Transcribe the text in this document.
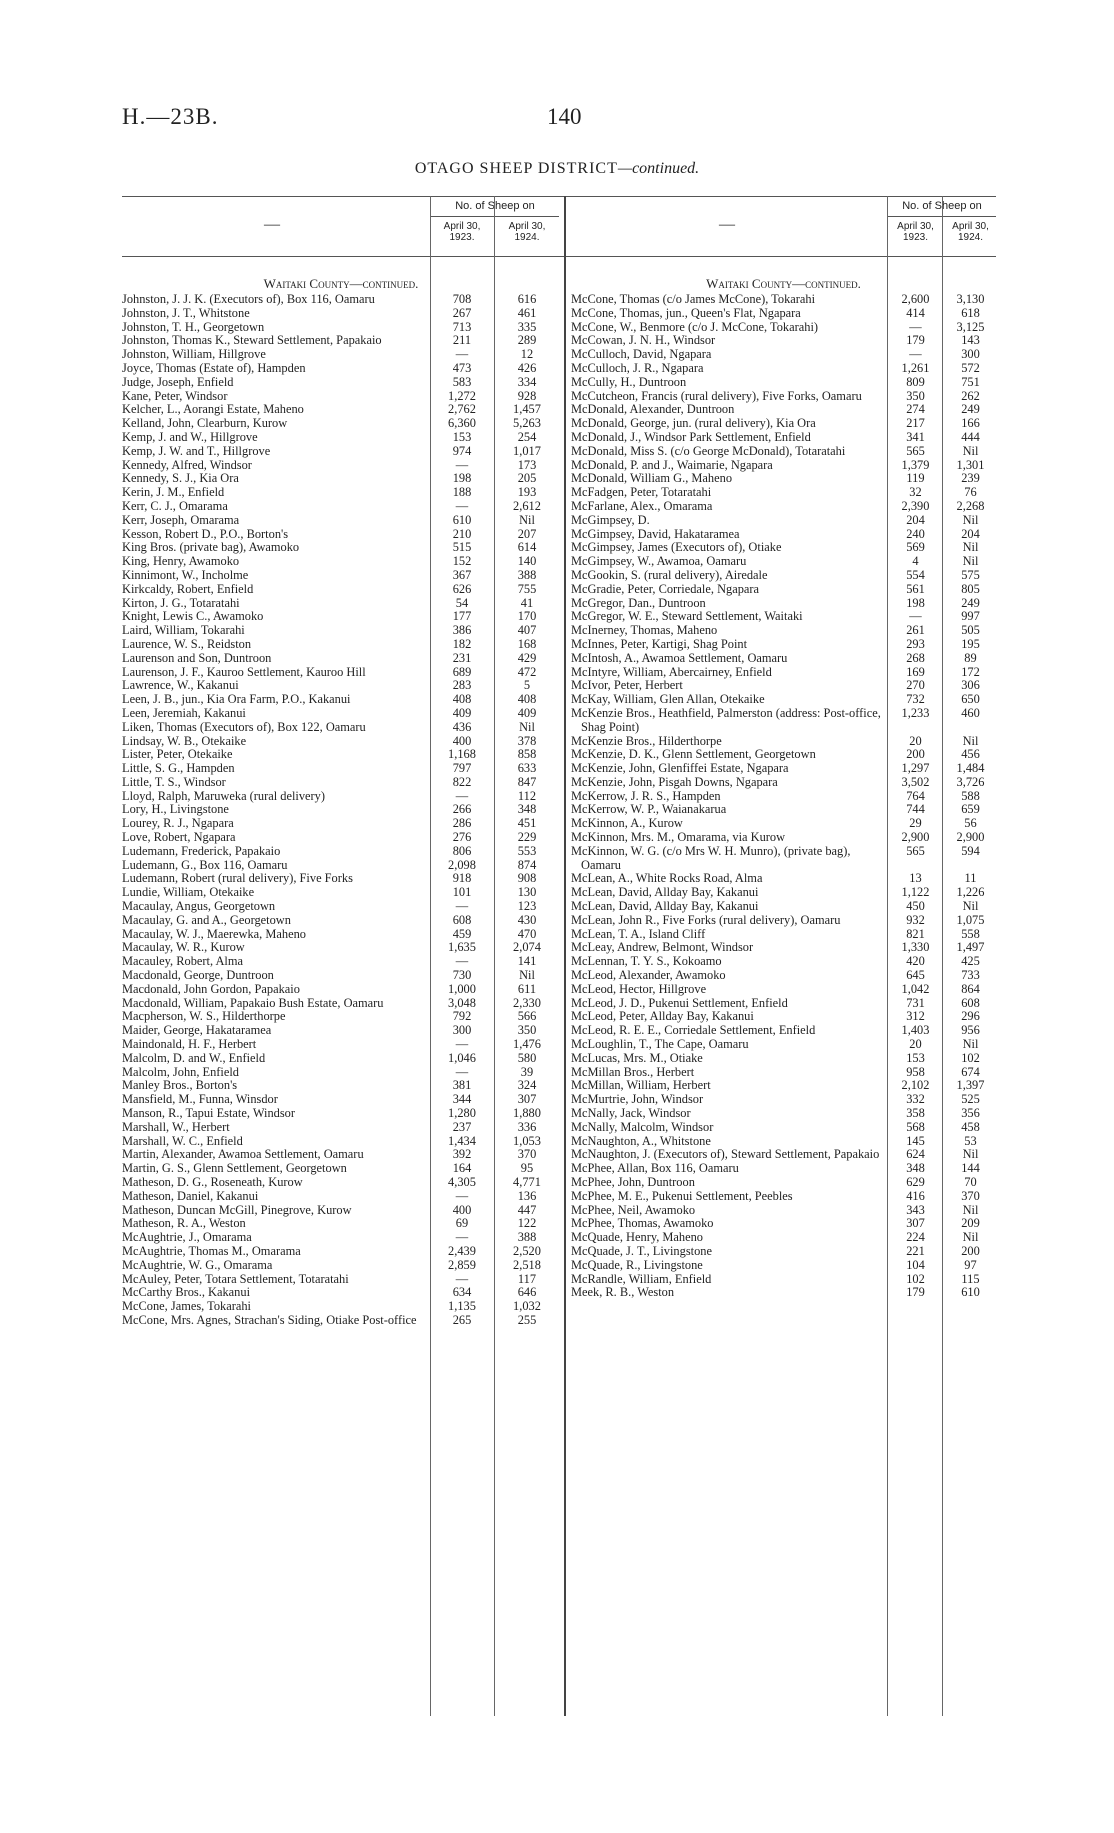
H.—23B.	140
OTAGO SHEEP DISTRICT—continued.
—
No. of Sheep on
April 30, 1923.
April 30, 1924.
Waitaki County—continued.
Johnston, J. J. K. (Executors of), Box 116, Oamaru	708	616
Johnston, J. T., Whitstone	267	461
Johnston, T. H., Georgetown	713	335
Johnston, Thomas K., Steward Settlement, Papakaio	211	289
Johnston, William, Hillgrove	—	12
Joyce, Thomas (Estate of), Hampden	473	426
Judge, Joseph, Enfield	583	334
Kane, Peter, Windsor	1,272	928
Kelcher, L., Aorangi Estate, Maheno	2,762	1,457
Kelland, John, Clearburn, Kurow	6,360	5,263
Kemp, J. and W., Hillgrove	153	254
Kemp, J. W. and T., Hillgrove	974	1,017
Kennedy, Alfred, Windsor	—	173
Kennedy, S. J., Kia Ora	198	205
Kerin, J. M., Enfield	188	193
Kerr, C. J., Omarama	—	2,612
Kerr, Joseph, Omarama	610	Nil
Kesson, Robert D., P.O., Borton's	210	207
King Bros. (private bag), Awamoko	515	614
King, Henry, Awamoko	152	140
Kinnimont, W., Incholme	367	388
Kirkcaldy, Robert, Enfield	626	755
Kirton, J. G., Totaratahi	54	41
Knight, Lewis C., Awamoko	177	170
Laird, William, Tokarahi	386	407
Laurence, W. S., Reidston	182	168
Laurenson and Son, Duntroon	231	429
Laurenson, J. F., Kauroo Settlement, Kauroo Hill	689	472
Lawrence, W., Kakanui	283	5
Leen, J. B., jun., Kia Ora Farm, P.O., Kakanui	408	408
Leen, Jeremiah, Kakanui	409	409
Liken, Thomas (Executors of), Box 122, Oamaru	436	Nil
Lindsay, W. B., Otekaike	400	378
Lister, Peter, Otekaike	1,168	858
Little, S. G., Hampden	797	633
Little, T. S., Windsor	822	847
Lloyd, Ralph, Maruweka (rural delivery)	—	112
Lory, H., Livingstone	266	348
Lourey, R. J., Ngapara	286	451
Love, Robert, Ngapara	276	229
Ludemann, Frederick, Papakaio	806	553
Ludemann, G., Box 116, Oamaru	2,098	874
Ludemann, Robert (rural delivery), Five Forks	918	908
Lundie, William, Otekaike	101	130
Macaulay, Angus, Georgetown	—	123
Macaulay, G. and A., Georgetown	608	430
Macaulay, W. J., Maerewka, Maheno	459	470
Macaulay, W. R., Kurow	1,635	2,074
Macauley, Robert, Alma	—	141
Macdonald, George, Duntroon	730	Nil
Macdonald, John Gordon, Papakaio	1,000	611
Macdonald, William, Papakaio Bush Estate, Oamaru	3,048	2,330
Macpherson, W. S., Hilderthorpe	792	566
Maider, George, Hakataramea	300	350
Maindonald, H. F., Herbert	—	1,476
Malcolm, D. and W., Enfield	1,046	580
Malcolm, John, Enfield	—	39
Manley Bros., Borton's	381	324
Mansfield, M., Funna, Winsdor	344	307
Manson, R., Tapui Estate, Windsor	1,280	1,880
Marshall, W., Herbert	237	336
Marshall, W. C., Enfield	1,434	1,053
Martin, Alexander, Awamoa Settlement, Oamaru	392	370
Martin, G. S., Glenn Settlement, Georgetown	164	95
Matheson, D. G., Roseneath, Kurow	4,305	4,771
Matheson, Daniel, Kakanui	—	136
Matheson, Duncan McGill, Pinegrove, Kurow	400	447
Matheson, R. A., Weston	69	122
McAughtrie, J., Omarama	—	388
McAughtrie, Thomas M., Omarama	2,439	2,520
McAughtrie, W. G., Omarama	2,859	2,518
McAuley, Peter, Totara Settlement, Totaratahi	—	117
McCarthy Bros., Kakanui	634	646
McCone, James, Tokarahi	1,135	1,032
McCone, Mrs. Agnes, Strachan's Siding, Otiake Post-office	265	255
—
No. of Sheep on
April 30, 1923.
April 30, 1924.
Waitaki County—continued.
McCone, Thomas (c/o James McCone), Tokarahi	2,600	3,130
McCone, Thomas, jun., Queen's Flat, Ngapara	414	618
McCone, W., Benmore (c/o J. McCone, Tokarahi)	—	3,125
McCowan, J. N. H., Windsor	179	143
McCulloch, David, Ngapara	—	300
McCulloch, J. R., Ngapara	1,261	572
McCully, H., Duntroon	809	751
McCutcheon, Francis (rural delivery), Five Forks, Oamaru	350	262
McDonald, Alexander, Duntroon	274	249
McDonald, George, jun. (rural delivery), Kia Ora	217	166
McDonald, J., Windsor Park Settlement, Enfield	341	444
McDonald, Miss S. (c/o George McDonald), Totaratahi	565	Nil
McDonald, P. and J., Waimarie, Ngapara	1,379	1,301
McDonald, William G., Maheno	119	239
McFadgen, Peter, Totaratahi	32	76
McFarlane, Alex., Omarama	2,390	2,268
McGimpsey, D.	204	Nil
McGimpsey, David, Hakataramea	240	204
McGimpsey, James (Executors of), Otiake	569	Nil
McGimpsey, W., Awamoa, Oamaru	4	Nil
McGookin, S. (rural delivery), Airedale	554	575
McGradie, Peter, Corriedale, Ngapara	561	805
McGregor, Dan., Duntroon	198	249
McGregor, W. E., Steward Settlement, Waitaki	—	997
McInerney, Thomas, Maheno	261	505
McInnes, Peter, Kartigi, Shag Point	293	195
McIntosh, A., Awamoa Settlement, Oamaru	268	89
McIntyre, William, Abercairney, Enfield	169	172
McIvor, Peter, Herbert	270	306
McKay, William, Glen Allan, Otekaike	732	650
McKenzie Bros., Heathfield, Palmerston (address: Post-office, Shag Point)
1,233	460
McKenzie Bros., Hilderthorpe	20	Nil
McKenzie, D. K., Glenn Settlement, Georgetown	200	456
McKenzie, John, Glenfiffei Estate, Ngapara	1,297	1,484
McKenzie, John, Pisgah Downs, Ngapara	3,502	3,726
McKerrow, J. R. S., Hampden	764	588
McKerrow, W. P., Waianakarua	744	659
McKinnon, A., Kurow	29	56
McKinnon, Mrs. M., Omarama, via Kurow	2,900	2,900
McKinnon, W. G. (c/o Mrs W. H. Munro), (private bag), Oamaru
565	594
McLean, A., White Rocks Road, Alma	13	11
McLean, David, Allday Bay, Kakanui	1,122	1,226
McLean, David, Allday Bay, Kakanui	450	Nil
McLean, John R., Five Forks (rural delivery), Oamaru	932	1,075
McLean, T. A., Island Cliff	821	558
McLeay, Andrew, Belmont, Windsor	1,330	1,497
McLennan, T. Y. S., Kokoamo	420	425
McLeod, Alexander, Awamoko	645	733
McLeod, Hector, Hillgrove	1,042	864
McLeod, J. D., Pukenui Settlement, Enfield	731	608
McLeod, Peter, Allday Bay, Kakanui	312	296
McLeod, R. E. E., Corriedale Settlement, Enfield	1,403	956
McLoughlin, T., The Cape, Oamaru	20	Nil
McLucas, Mrs. M., Otiake	153	102
McMillan Bros., Herbert	958	674
McMillan, William, Herbert	2,102	1,397
McMurtrie, John, Windsor	332	525
McNally, Jack, Windsor	358	356
McNally, Malcolm, Windsor	568	458
McNaughton, A., Whitstone	145	53
McNaughton, J. (Executors of), Steward Settlement, Papakaio	624	Nil
McPhee, Allan, Box 116, Oamaru	348	144
McPhee, John, Duntroon	629	70
McPhee, M. E., Pukenui Settlement, Peebles	416	370
McPhee, Neil, Awamoko	343	Nil
McPhee, Thomas, Awamoko	307	209
McQuade, Henry, Maheno	224	Nil
McQuade, J. T., Livingstone	221	200
McQuade, R., Livingstone	104	97
McRandle, William, Enfield	102	115
Meek, R. B., Weston	179	610
